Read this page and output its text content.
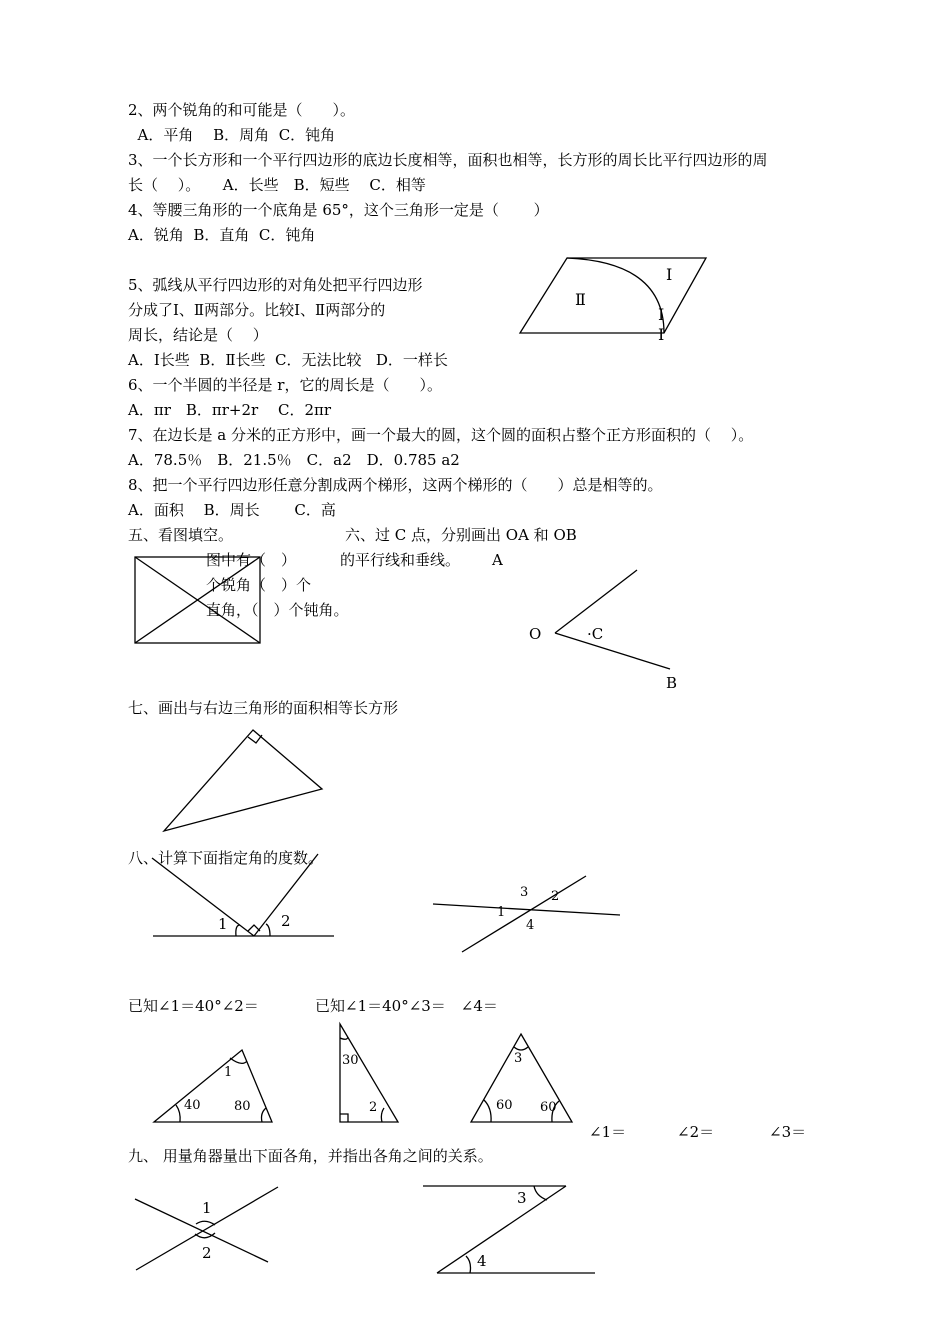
2、两个锐角的和可能是（　　）。
A．平角　 B．周角  C．钝角
3、一个长方形和一个平行四边形的底边长度相等，面积也相等，长方形的周长比平行四边形的周
长（　 ）。　　A．长些　B．短些　 C．相等
4、等腰三角形的一个底角是 65°，这个三角形一定是（　　 ）
A．锐角  B．直角  C．钝角
5、弧线从平行四边形的对角处把平行四边形
分成了Ⅰ、Ⅱ两部分。比较Ⅰ、Ⅱ两部分的
周长，结论是（　 ）
A．Ⅰ长些  B．Ⅱ长些  C．无法比较   D．一样长
I
Ⅱ
I
I
6、一个半圆的半径是 r，它的周长是（　　）。
A．πr　B．πr+2r　 C．2πr
7、在边长是 a 分米的正方形中，画一个最大的圆，这个圆的面积占整个正方形面积的（　 ）。
A．78.5％　B．21.5％　C．a2　D．0.785 a2
8、把一个平行四边形任意分割成两个梯形，这两个梯形的（　　）总是相等的。
A．面积　 B．周长　　 C．高
五、看图填空。	六、过 C 点，分别画出 OA 和 OB
图中有（　）	的平行线和垂线。 A
个锐角（　）个
直角，（　）个钝角。
O	·C
B
七、画出与右边三角形的面积相等长方形
八、计算下面指定角的度数。
1	2
3 2
1
4
已知∠1＝40°∠2＝	已知∠1＝40°∠3＝　∠4＝
1
40	80
30
2
3
60 60
∠1＝	∠2＝	∠3＝
九、 用量角器量出下面各角，并指出各角之间的关系。
1
2
3
4
